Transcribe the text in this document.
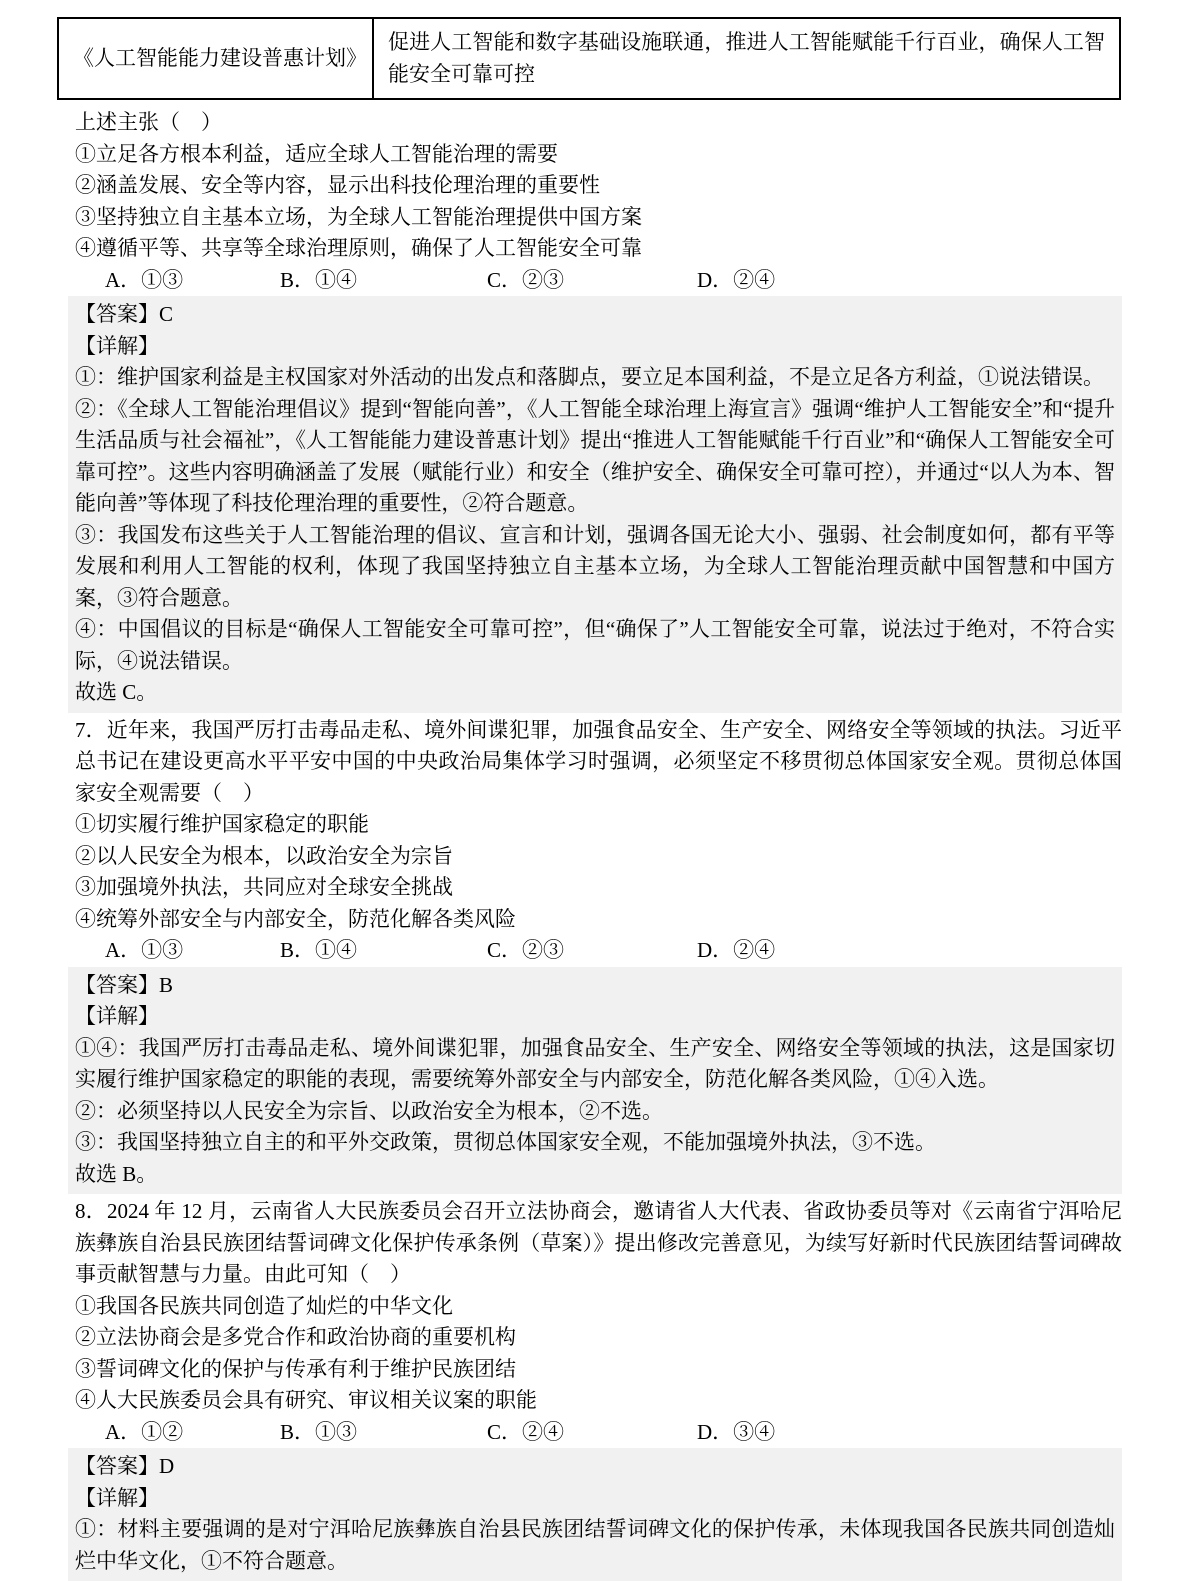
《人工智能能力建设普惠计划》
促进人工智能和数字基础设施联通，推进人工智能赋能千行百业，确保人工智能安全可靠可控

上述主张（　）

①立足各方根本利益，适应全球人工智能治理的需要

②涵盖发展、安全等内容，显示出科技伦理治理的重要性

③坚持独立自主基本立场，为全球人工智能治理提供中国方案

④遵循平等、共享等全球治理原则，确保了人工智能安全可靠

A．①③	B．①④	C．②③	D．②④

【答案】C

【详解】

①：维护国家利益是主权国家对外活动的出发点和落脚点，要立足本国利益，不是立足各方利益，①说法错误。

②：《全球人工智能治理倡议》提到“智能向善”，《人工智能全球治理上海宣言》强调“维护人工智能安全”和“提升生活品质与社会福祉”，《人工智能能力建设普惠计划》提出“推进人工智能赋能千行百业”和“确保人工智能安全可靠可控”。这些内容明确涵盖了发展（赋能行业）和安全（维护安全、确保安全可靠可控），并通过“以人为本、智能向善”等体现了科技伦理治理的重要性，②符合题意。

③：我国发布这些关于人工智能治理的倡议、宣言和计划，强调各国无论大小、强弱、社会制度如何，都有平等发展和利用人工智能的权利，体现了我国坚持独立自主基本立场，为全球人工智能治理贡献中国智慧和中国方案，③符合题意。

④：中国倡议的目标是“确保人工智能安全可靠可控”，但“确保了”人工智能安全可靠，说法过于绝对，不符合实际，④说法错误。

故选 C。

7．近年来，我国严厉打击毒品走私、境外间谍犯罪，加强食品安全、生产安全、网络安全等领域的执法。习近平总书记在建设更高水平平安中国的中央政治局集体学习时强调，必须坚定不移贯彻总体国家安全观。贯彻总体国家安全观需要（　）

①切实履行维护国家稳定的职能

②以人民安全为根本，以政治安全为宗旨

③加强境外执法，共同应对全球安全挑战

④统筹外部安全与内部安全，防范化解各类风险

A．①③	B．①④	C．②③	D．②④

【答案】B

【详解】

①④：我国严厉打击毒品走私、境外间谍犯罪，加强食品安全、生产安全、网络安全等领域的执法，这是国家切实履行维护国家稳定的职能的表现，需要统筹外部安全与内部安全，防范化解各类风险，①④入选。

②：必须坚持以人民安全为宗旨、以政治安全为根本，②不选。

③：我国坚持独立自主的和平外交政策，贯彻总体国家安全观，不能加强境外执法，③不选。

故选 B。

8．2024 年 12 月，云南省人大民族委员会召开立法协商会，邀请省人大代表、省政协委员等对《云南省宁洱哈尼族彝族自治县民族团结誓词碑文化保护传承条例（草案）》提出修改完善意见，为续写好新时代民族团结誓词碑故事贡献智慧与力量。由此可知（　）

①我国各民族共同创造了灿烂的中华文化

②立法协商会是多党合作和政治协商的重要机构

③誓词碑文化的保护与传承有利于维护民族团结

④人大民族委员会具有研究、审议相关议案的职能

A．①②	B．①③	C．②④	D．③④

【答案】D

【详解】

①：材料主要强调的是对宁洱哈尼族彝族自治县民族团结誓词碑文化的保护传承，未体现我国各民族共同创造灿烂中华文化，①不符合题意。
